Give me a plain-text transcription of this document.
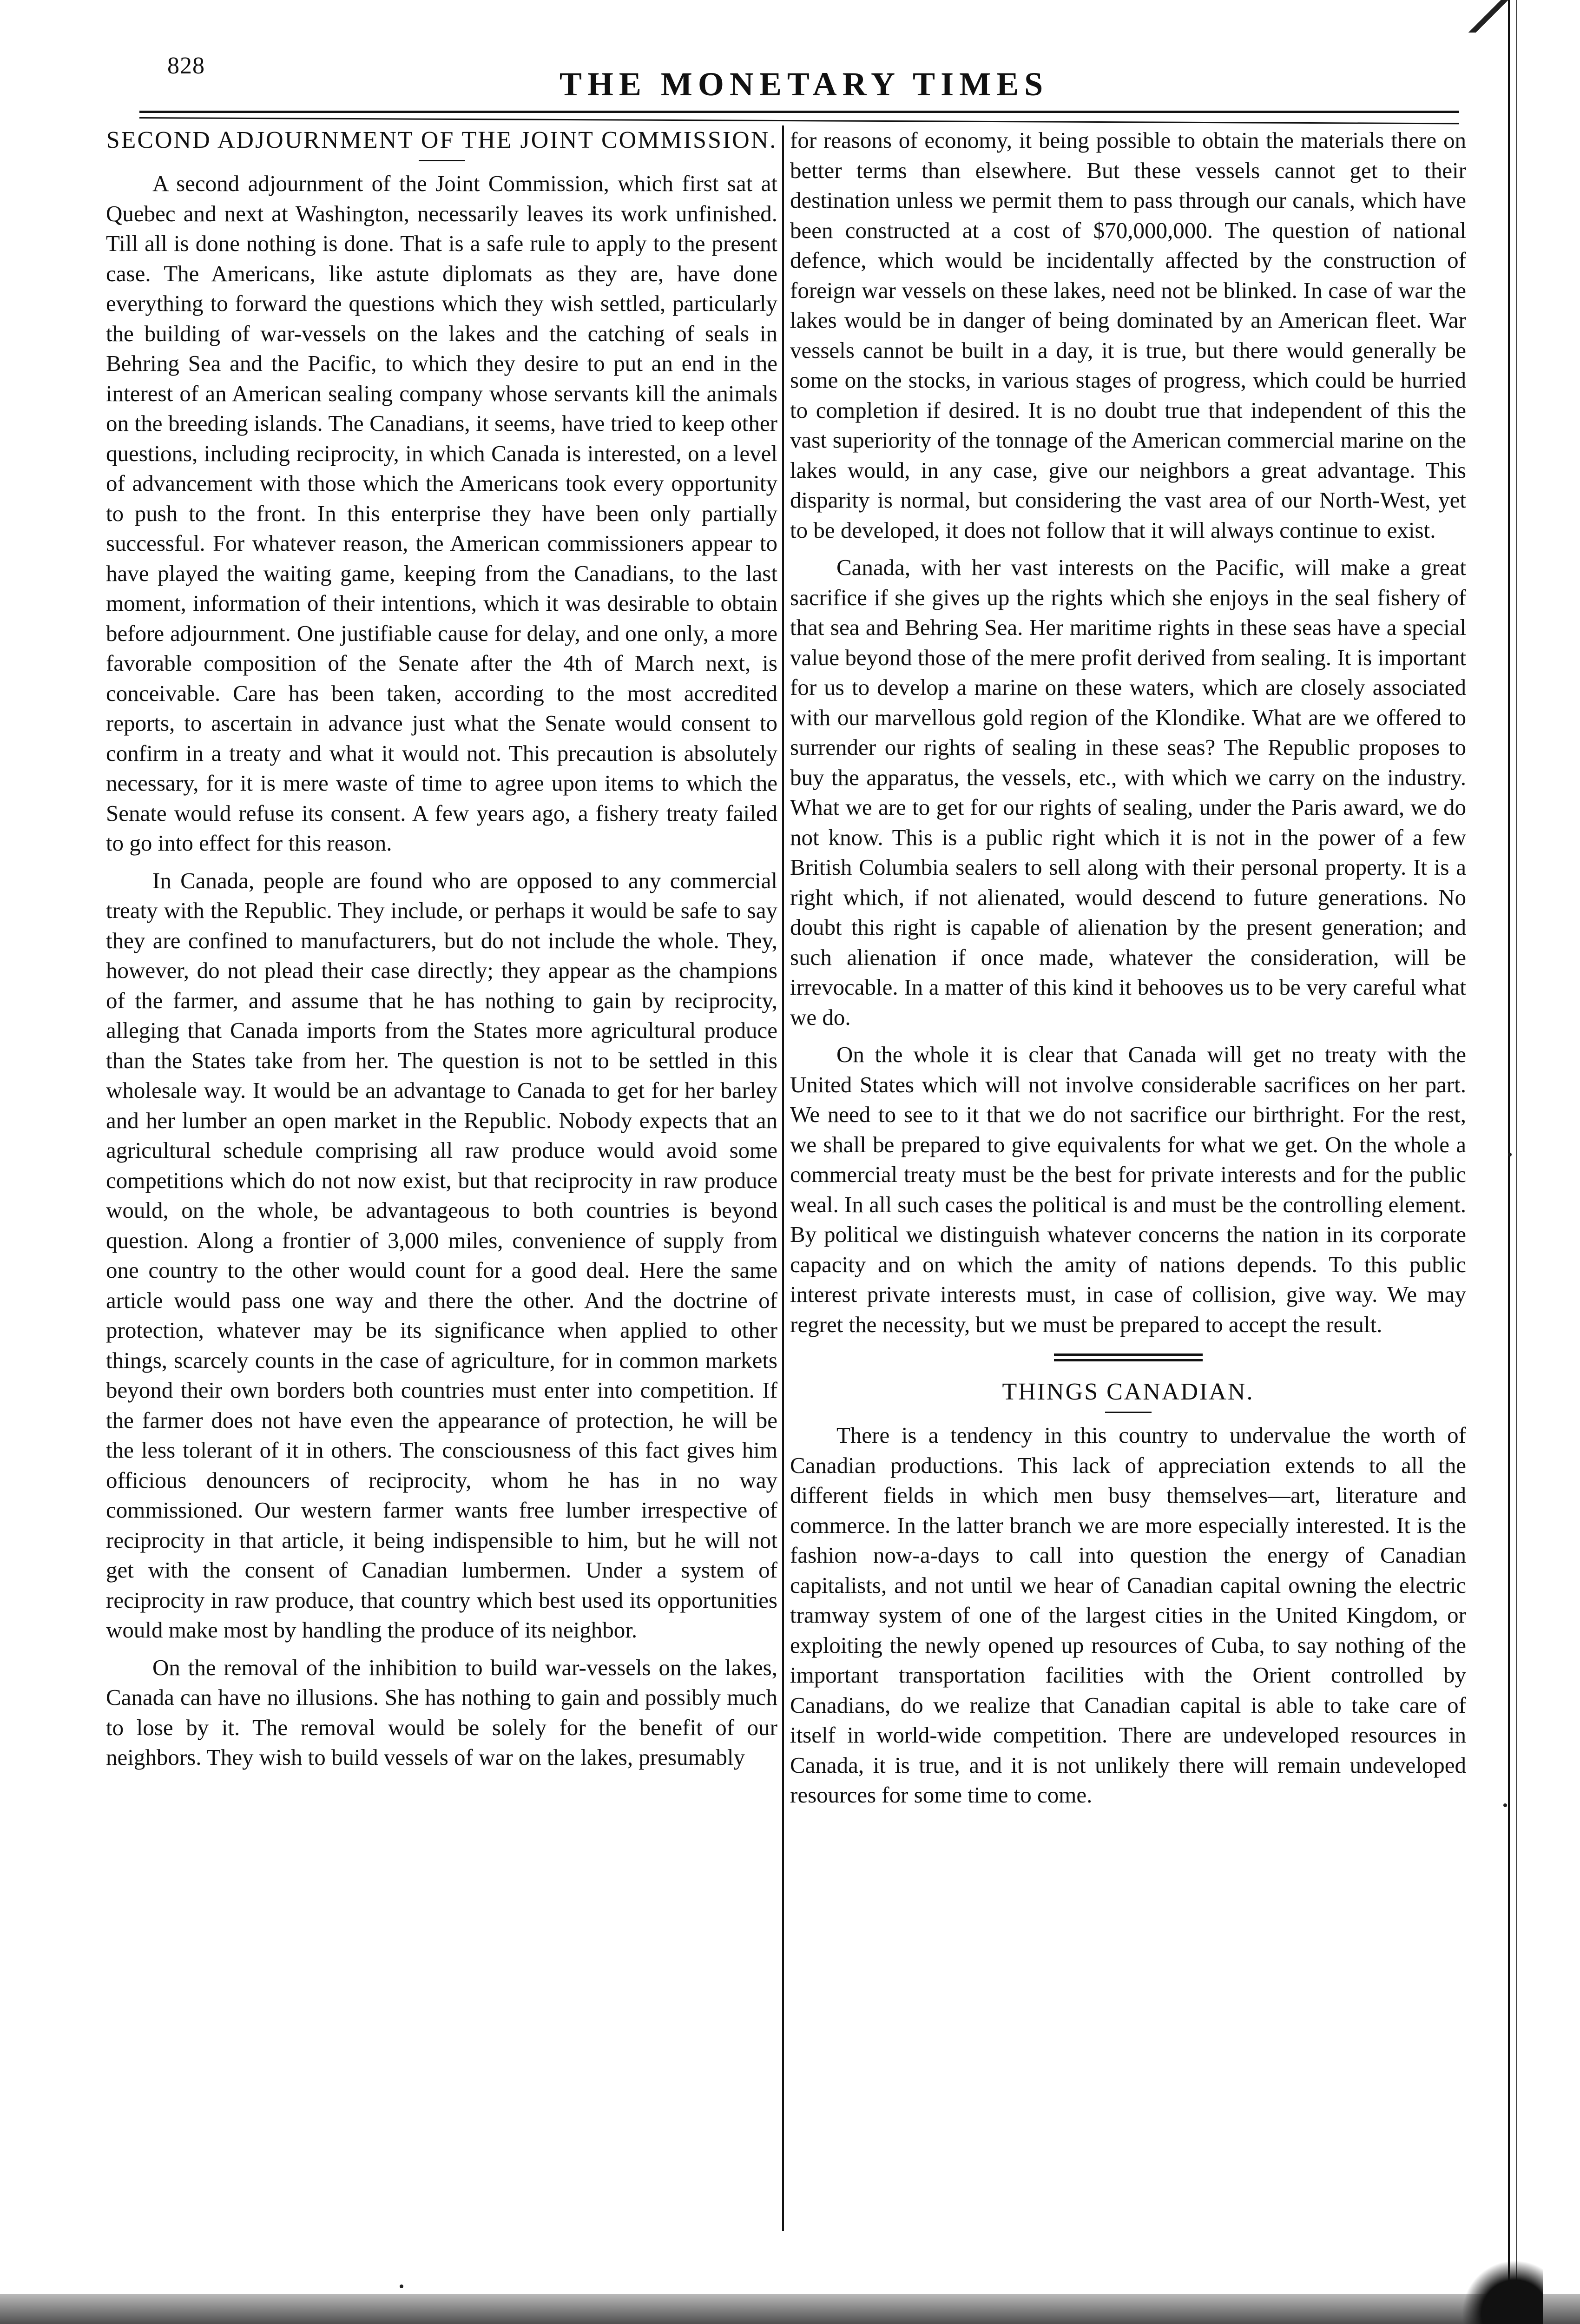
828	THE MONETARY TIMES
SECOND ADJOURNMENT OF THE JOINT COMMISSION.

A second adjournment of the Joint Commission, which first sat at Quebec and next at Washington, necessarily leaves its work unfinished. Till all is done nothing is done. That is a safe rule to apply to the present case. The Americans, like astute diplomats as they are, have done everything to forward the questions which they wish settled, particularly the building of war-vessels on the lakes and the catching of seals in Behring Sea and the Pacific, to which they desire to put an end in the interest of an American sealing company whose servants kill the animals on the breeding islands. The Canadians, it seems, have tried to keep other questions, including reciprocity, in which Canada is interested, on a level of advancement with those which the Americans took every opportunity to push to the front. In this enterprise they have been only partially successful. For whatever reason, the American commissioners appear to have played the waiting game, keeping from the Canadians, to the last moment, information of their intentions, which it was desirable to obtain before adjournment. One justifiable cause for delay, and one only, a more favorable composition of the Senate after the 4th of March next, is conceivable. Care has been taken, according to the most accredited reports, to ascertain in advance just what the Senate would consent to confirm in a treaty and what it would not. This precaution is absolutely necessary, for it is mere waste of time to agree upon items to which the Senate would refuse its consent. A few years ago, a fishery treaty failed to go into effect for this reason.

In Canada, people are found who are opposed to any commercial treaty with the Republic. They include, or perhaps it would be safe to say they are confined to manufacturers, but do not include the whole. They, however, do not plead their case directly; they appear as the champions of the farmer, and assume that he has nothing to gain by reciprocity, alleging that Canada imports from the States more agricultural produce than the States take from her. The question is not to be settled in this wholesale way. It would be an advantage to Canada to get for her barley and her lumber an open market in the Republic. Nobody expects that an agricultural schedule comprising all raw produce would avoid some competitions which do not now exist, but that reciprocity in raw produce would, on the whole, be advantageous to both countries is beyond question. Along a frontier of 3,000 miles, convenience of supply from one country to the other would count for a good deal. Here the same article would pass one way and there the other. And the doctrine of protection, whatever may be its significance when applied to other things, scarcely counts in the case of agriculture, for in common markets beyond their own borders both countries must enter into competition. If the farmer does not have even the appearance of protection, he will be the less tolerant of it in others. The consciousness of this fact gives him officious denouncers of reciprocity, whom he has in no way commissioned. Our western farmer wants free lumber irrespective of reciprocity in that article, it being indispensible to him, but he will not get with the consent of Canadian lumbermen. Under a system of reciprocity in raw produce, that country which best used its opportunities would make most by handling the produce of its neighbor.

On the removal of the inhibition to build war-vessels on the lakes, Canada can have no illusions. She has nothing to gain and possibly much to lose by it. The removal would be solely for the benefit of our neighbors. They wish to build vessels of war on the lakes, presumably

for reasons of economy, it being possible to obtain the materials there on better terms than elsewhere. But these vessels cannot get to their destination unless we permit them to pass through our canals, which have been constructed at a cost of $70,000,000. The question of national defence, which would be incidentally affected by the construction of foreign war vessels on these lakes, need not be blinked. In case of war the lakes would be in danger of being dominated by an American fleet. War vessels cannot be built in a day, it is true, but there would generally be some on the stocks, in various stages of progress, which could be hurried to completion if desired. It is no doubt true that independent of this the vast superiority of the tonnage of the American commercial marine on the lakes would, in any case, give our neighbors a great advantage. This disparity is normal, but considering the vast area of our North-West, yet to be developed, it does not follow that it will always continue to exist.

Canada, with her vast interests on the Pacific, will make a great sacrifice if she gives up the rights which she enjoys in the seal fishery of that sea and Behring Sea. Her maritime rights in these seas have a special value beyond those of the mere profit derived from sealing. It is important for us to develop a marine on these waters, which are closely associated with our marvellous gold region of the Klondike. What are we offered to surrender our rights of sealing in these seas? The Republic proposes to buy the apparatus, the vessels, etc., with which we carry on the industry. What we are to get for our rights of sealing, under the Paris award, we do not know. This is a public right which it is not in the power of a few British Columbia sealers to sell along with their personal property. It is a right which, if not alienated, would descend to future generations. No doubt this right is capable of alienation by the present generation; and such alienation if once made, whatever the consideration, will be irrevocable. In a matter of this kind it behooves us to be very careful what we do.

On the whole it is clear that Canada will get no treaty with the United States which will not involve considerable sacrifices on her part. We need to see to it that we do not sacrifice our birthright. For the rest, we shall be prepared to give equivalents for what we get. On the whole a commercial treaty must be the best for private interests and for the public weal. In all such cases the political is and must be the controlling element. By political we distinguish whatever concerns the nation in its corporate capacity and on which the amity of nations depends. To this public interest private interests must, in case of collision, give way. We may regret the necessity, but we must be prepared to accept the result.

THINGS CANADIAN.

There is a tendency in this country to undervalue the worth of Canadian productions. This lack of appreciation extends to all the different fields in which men busy themselves—art, literature and commerce. In the latter branch we are more especially interested. It is the fashion now-a-days to call into question the energy of Canadian capitalists, and not until we hear of Canadian capital owning the electric tramway system of one of the largest cities in the United Kingdom, or exploiting the newly opened up resources of Cuba, to say nothing of the important transportation facilities with the Orient controlled by Canadians, do we realize that Canadian capital is able to take care of itself in world-wide competition. There are undeveloped resources in Canada, it is true, and it is not unlikely there will remain undeveloped resources for some time to come.
